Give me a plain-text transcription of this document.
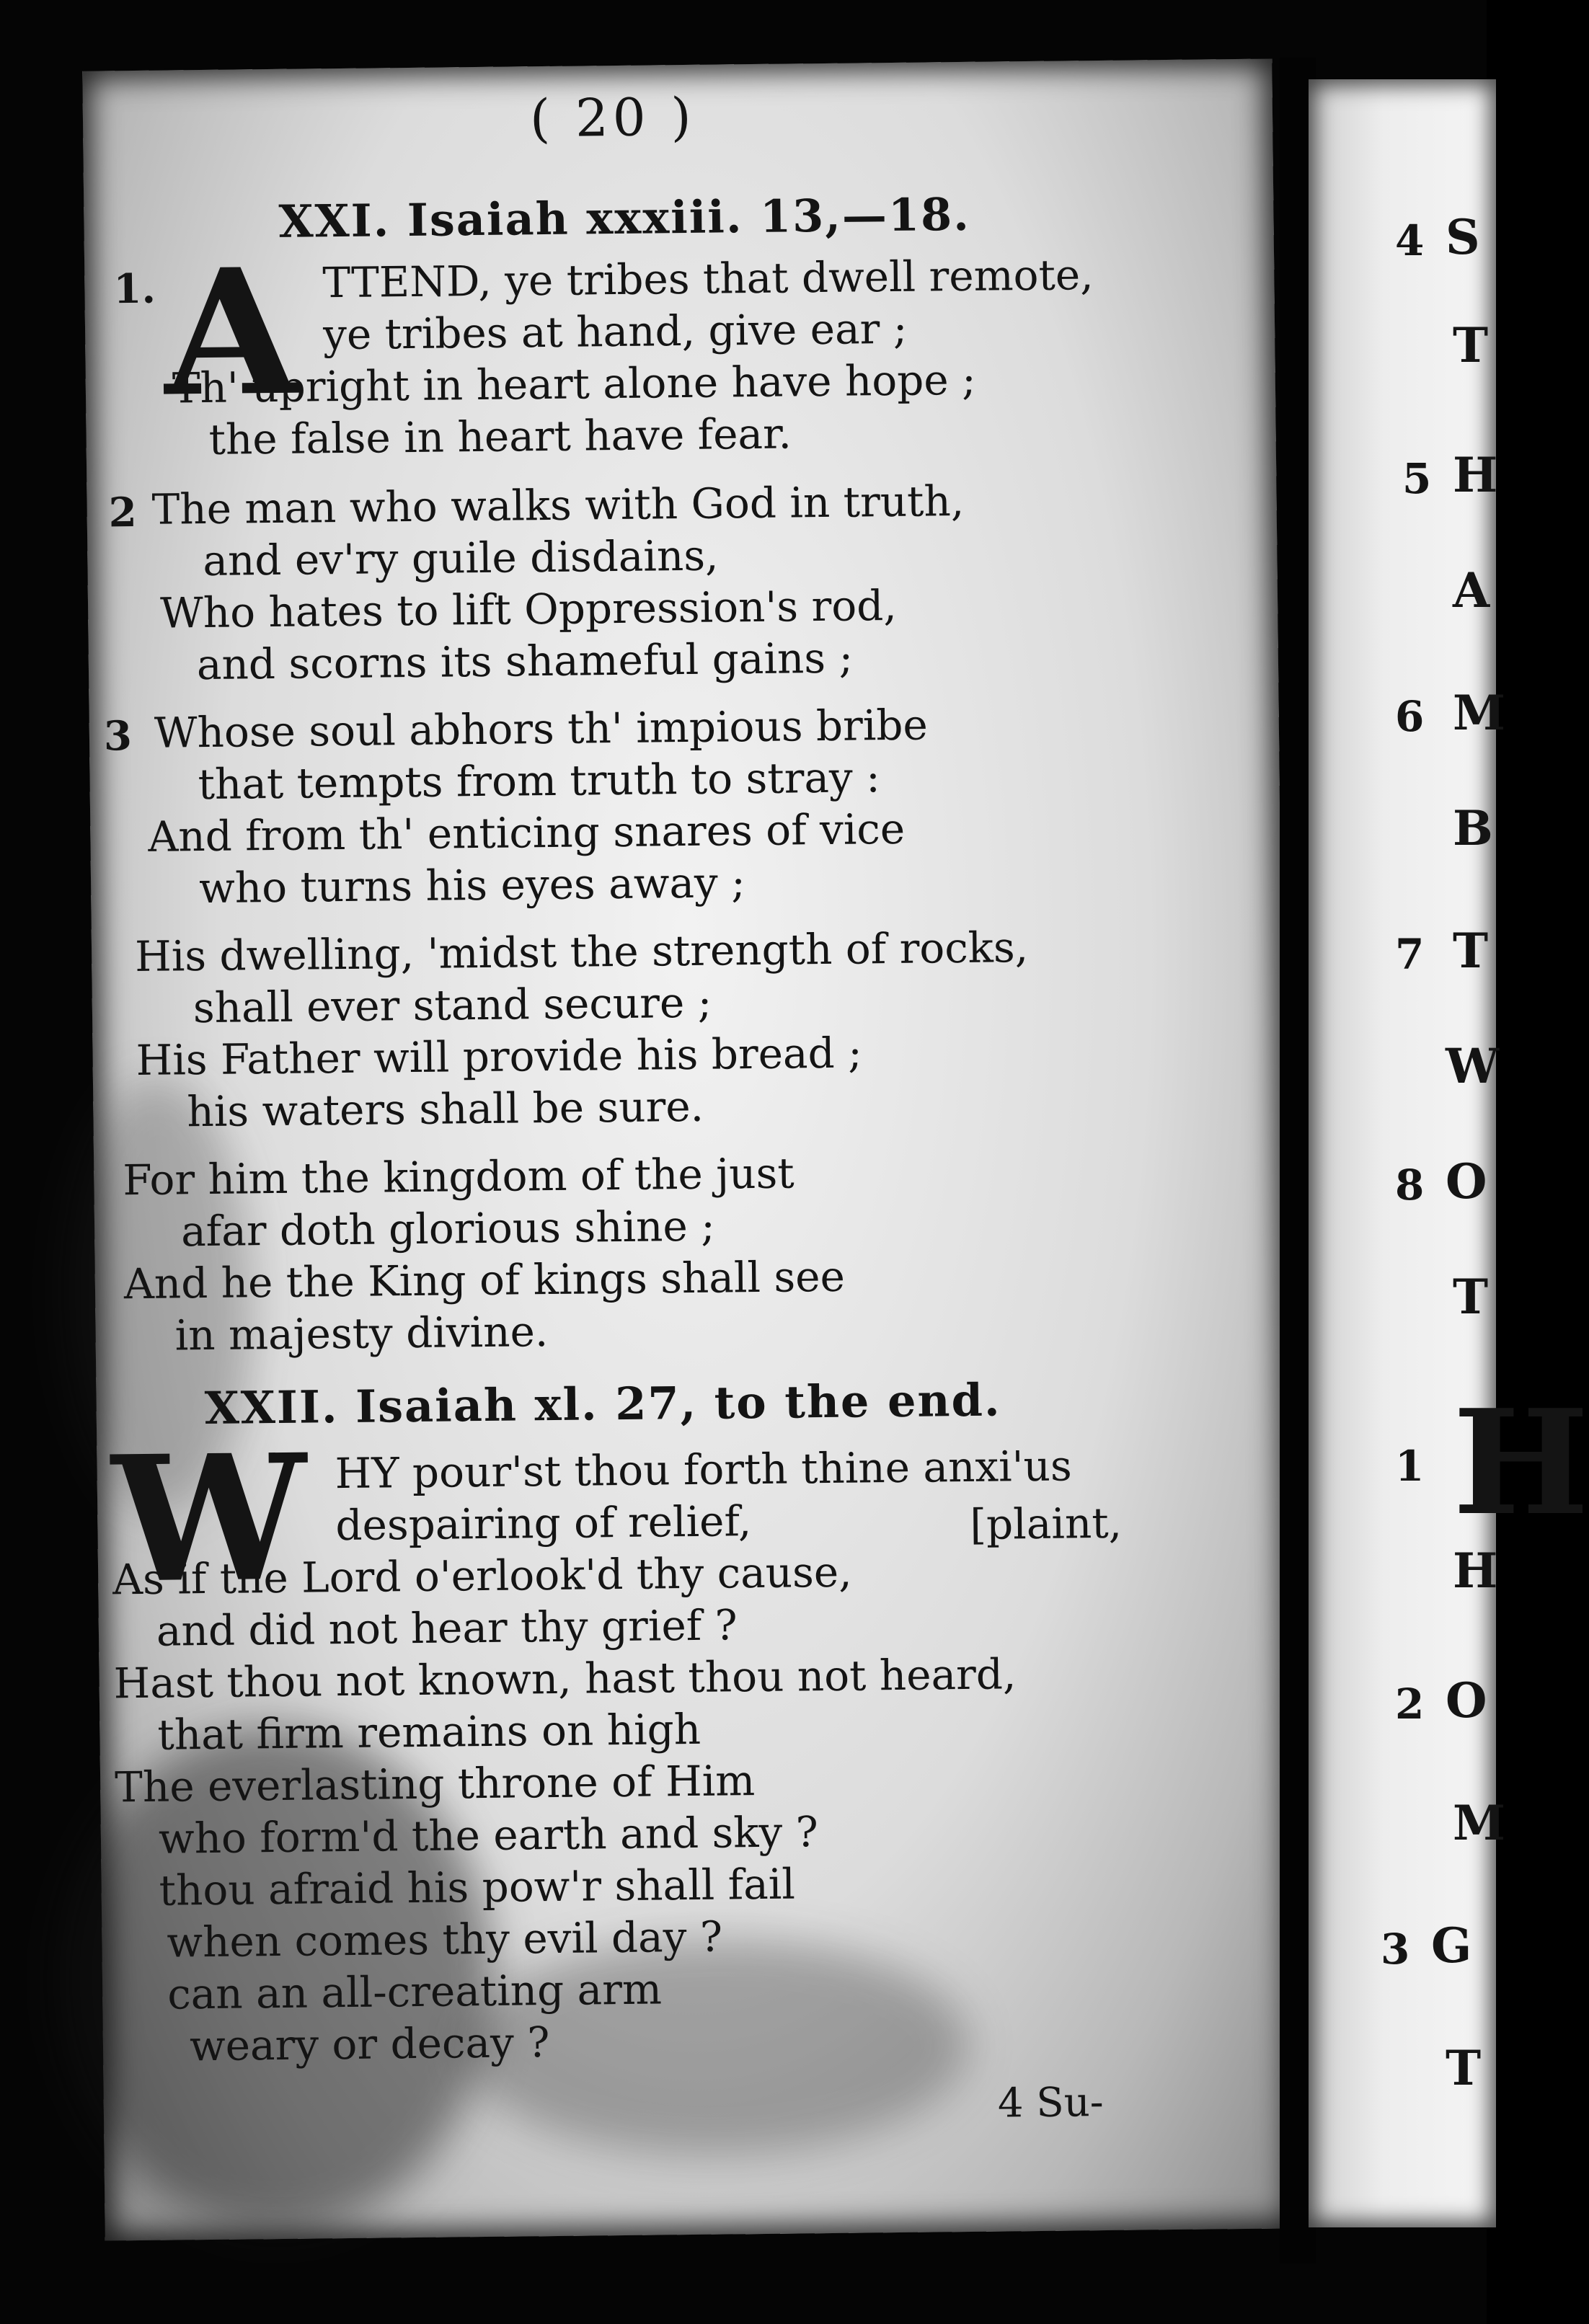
( 20 )
XXI. Isaiah xxxiii. 13,—18.
A
1.	TTEND, ye tribes that dwell remote,
ye tribes at hand, give ear ;
Th' upright in heart alone have hope ;
the false in heart have fear.
2 The man who walks with God in truth,
and ev'ry guile disdains,
Who hates to lift Oppression's rod,
and scorns its shameful gains ;
3 Whose soul abhors th' impious bribe
that tempts from truth to stray :
And from th' enticing snares of vice
who turns his eyes away ;
His dwelling, 'midst the strength of rocks,
shall ever stand secure ;
His Father will provide his bread ;
his waters shall be sure.
For him the kingdom of the just
afar doth glorious shine ;
And he the King of kings shall see
in majesty divine.
XXII. Isaiah xl. 27, to the end.
W HY pour'st thou forth thine anxi'us
despairing of relief,	[plaint,
As if the Lord o'erlook'd thy cause,
and did not hear thy grief ?
Hast thou not known, hast thou not heard,
that firm remains on high
The everlasting throne of Him
who form'd the earth and sky ?
thou afraid his pow'r shall fail
when comes thy evil day ?
can an all-creating arm
weary or decay ?
4 Su-
4 S
T
5 H
A
6 M
B
7 T
W
8 O
T
1 H
H
2 O
M
3 G
T
